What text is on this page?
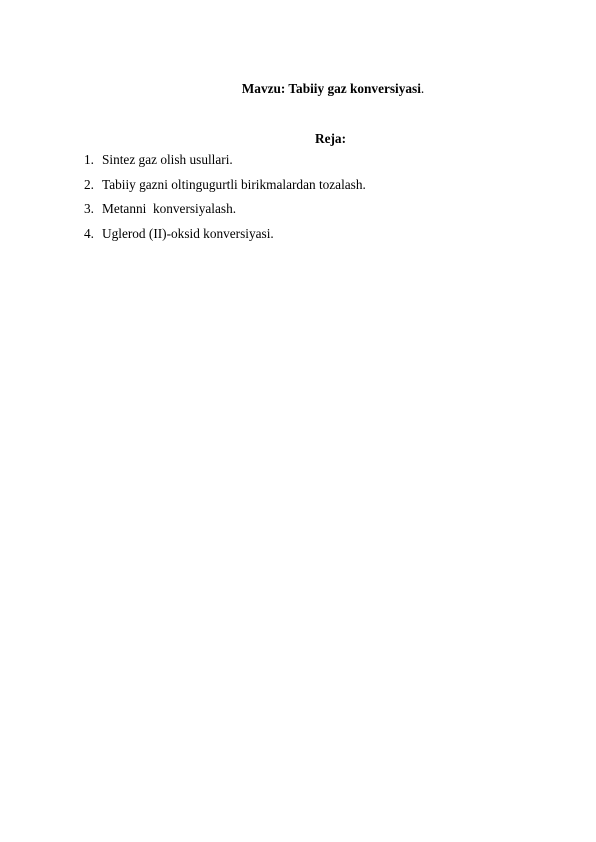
Mavzu: Tabiiy gaz konversiyasi.
Reja:
1. Sintez gaz olish usullari.
2. Tabiiy gazni oltingugurtli birikmalardan tozalash.
3. Metanni  konversiyalash.
4. Uglerod (II)-oksid konversiyasi.
